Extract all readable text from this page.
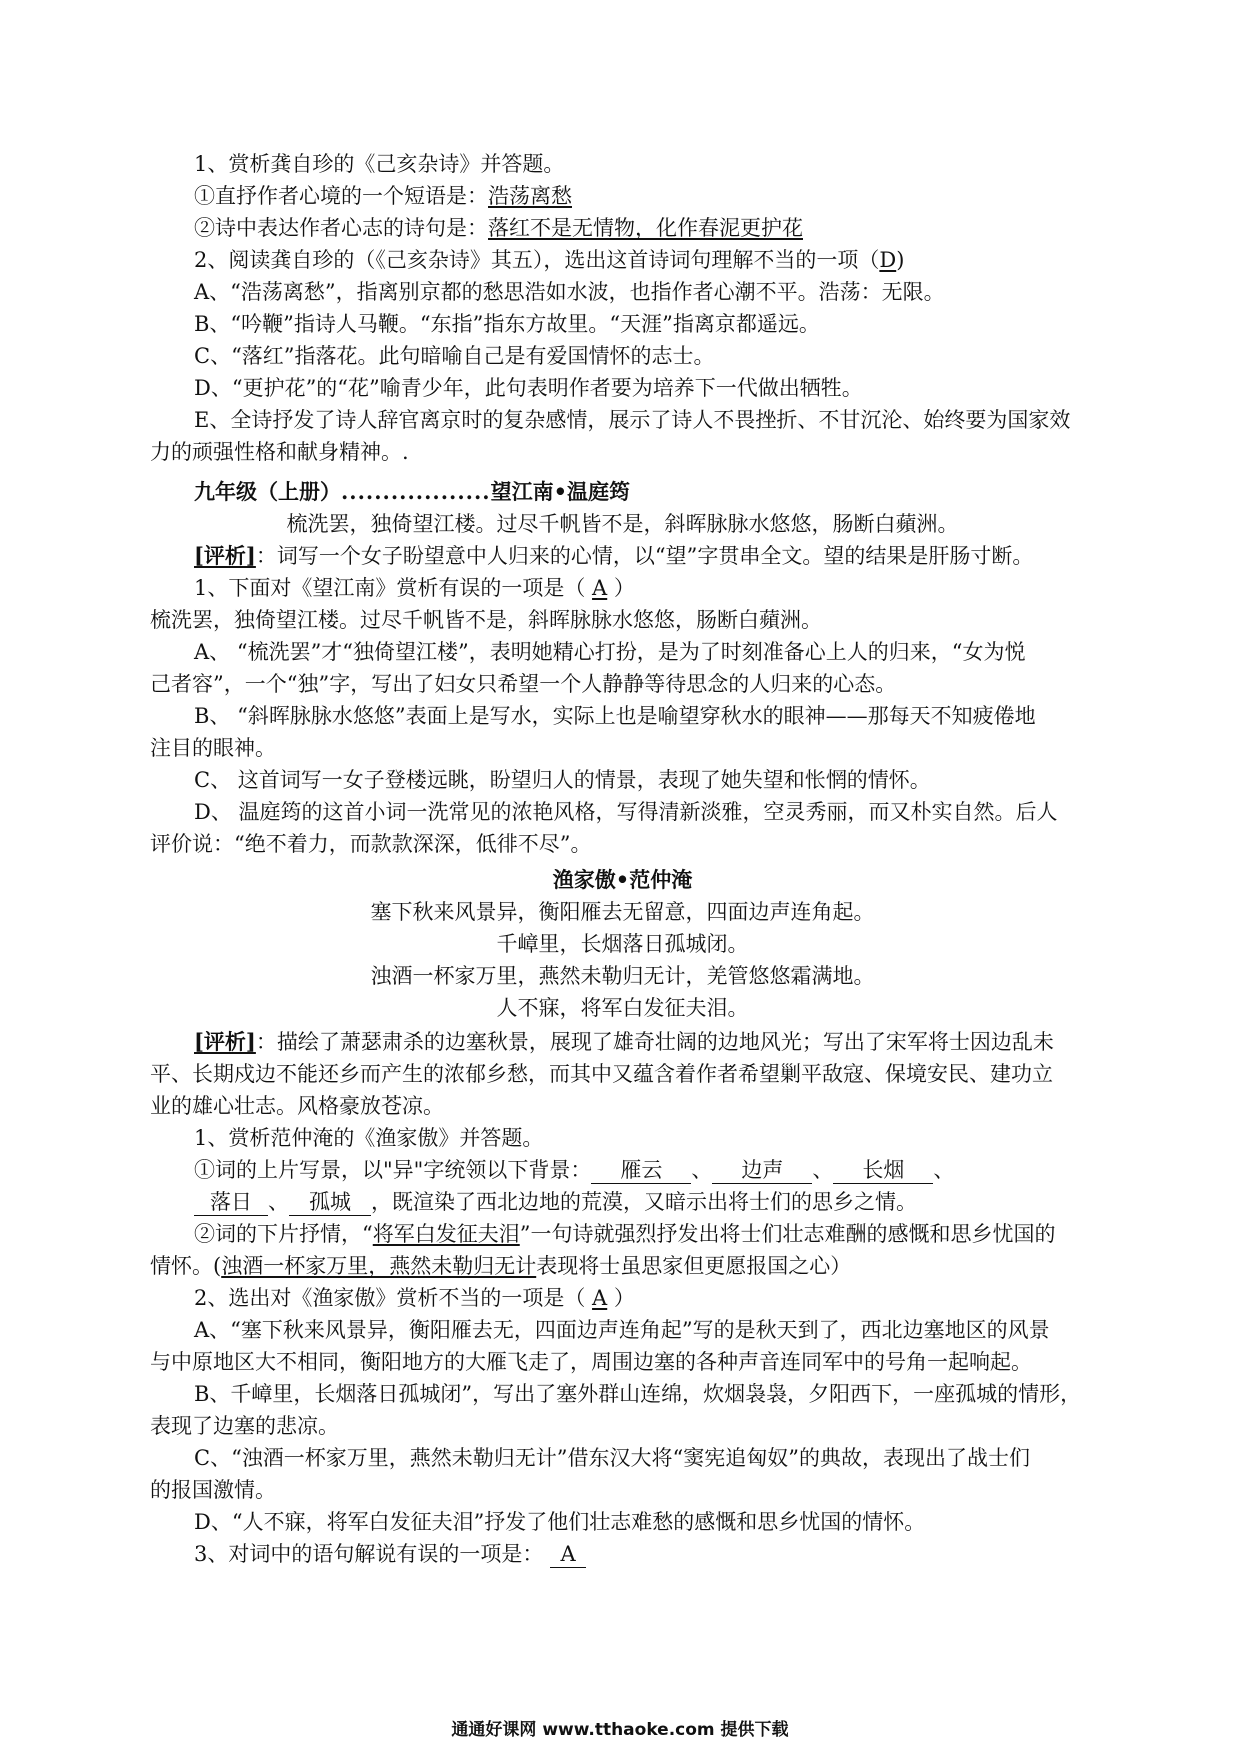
1、赏析龚自珍的《己亥杂诗》并答题。
①直抒作者心境的一个短语是：浩荡离愁
②诗中表达作者心志的诗句是：落红不是无情物，化作春泥更护花
2、阅读龚自珍的（《己亥杂诗》其五），选出这首诗词句理解不当的一项（D)
A、“浩荡离愁”，指离别京都的愁思浩如水波，也指作者心潮不平。浩荡：无限。
B、“吟鞭”指诗人马鞭。“东指”指东方故里。“天涯”指离京都遥远。
C、“落红”指落花。此句暗喻自己是有爱国情怀的志士。
D、“更护花”的“花”喻青少年，此句表明作者要为培养下一代做出牺牲。
E、全诗抒发了诗人辞官离京时的复杂感情，展示了诗人不畏挫折、不甘沉沦、始终要为国家效
力的顽强性格和献身精神。.
九年级（上册）..................望江南•温庭筠
梳洗罢，独倚望江楼。过尽千帆皆不是，斜晖脉脉水悠悠，肠断白蘋洲。
[评析]：词写一个女子盼望意中人归来的心情，以“望”字贯串全文。望的结果是肝肠寸断。
1、下面对《望江南》赏析有误的一项是（ A ）
梳洗罢，独倚望江楼。过尽千帆皆不是，斜晖脉脉水悠悠，肠断白蘋洲。
A、 “梳洗罢”才“独倚望江楼”，表明她精心打扮，是为了时刻准备心上人的归来，“女为悦
己者容”，一个“独”字，写出了妇女只希望一个人静静等待思念的人归来的心态。
B、 “斜晖脉脉水悠悠”表面上是写水，实际上也是喻望穿秋水的眼神——那每天不知疲倦地
注目的眼神。
C、 这首词写一女子登楼远眺，盼望归人的情景，表现了她失望和怅惘的情怀。
D、 温庭筠的这首小词一洗常见的浓艳风格，写得清新淡雅，空灵秀丽，而又朴实自然。后人
评价说：“绝不着力，而款款深深，低徘不尽”。
渔家傲•范仲淹
塞下秋来风景异，衡阳雁去无留意，四面边声连角起。
千嶂里，长烟落日孤城闭。
浊酒一杯家万里，燕然未勒归无计，羌管悠悠霜满地。
人不寐，将军白发征夫泪。
[评析]：描绘了萧瑟肃杀的边塞秋景，展现了雄奇壮阔的边地风光；写出了宋军将士因边乱未
平、长期戍边不能还乡而产生的浓郁乡愁，而其中又蕴含着作者希望剿平敌寇、保境安民、建功立
业的雄心壮志。风格豪放苍凉。
1、赏析范仲淹的《渔家傲》并答题。
①词的上片写景，以"异"字统领以下背景： 雁云 、 边声 、 长烟 、
落日 、 孤城 ，既渲染了西北边地的荒漠，又暗示出将士们的思乡之情。
②词的下片抒情，“将军白发征夫泪”一句诗就强烈抒发出将士们壮志难酬的感慨和思乡忧国的
情怀。(浊酒一杯家万里，燕然未勒归无计表现将士虽思家但更愿报国之心）
2、选出对《渔家傲》赏析不当的一项是（ A ）
A、“塞下秋来风景异，衡阳雁去无，四面边声连角起”写的是秋天到了，西北边塞地区的风景
与中原地区大不相同，衡阳地方的大雁飞走了，周围边塞的各种声音连同军中的号角一起响起。
B、千嶂里，长烟落日孤城闭”，写出了塞外群山连绵，炊烟袅袅，夕阳西下，一座孤城的情形，
表现了边塞的悲凉。
C、“浊酒一杯家万里，燕然未勒归无计”借东汉大将“窦宪追匈奴”的典故，表现出了战士们
的报国激情。
D、“人不寐，将军白发征夫泪”抒发了他们壮志难愁的感慨和思乡忧国的情怀。
3、对词中的语句解说有误的一项是： A
通通好课网 www.tthaoke.com 提供下载
